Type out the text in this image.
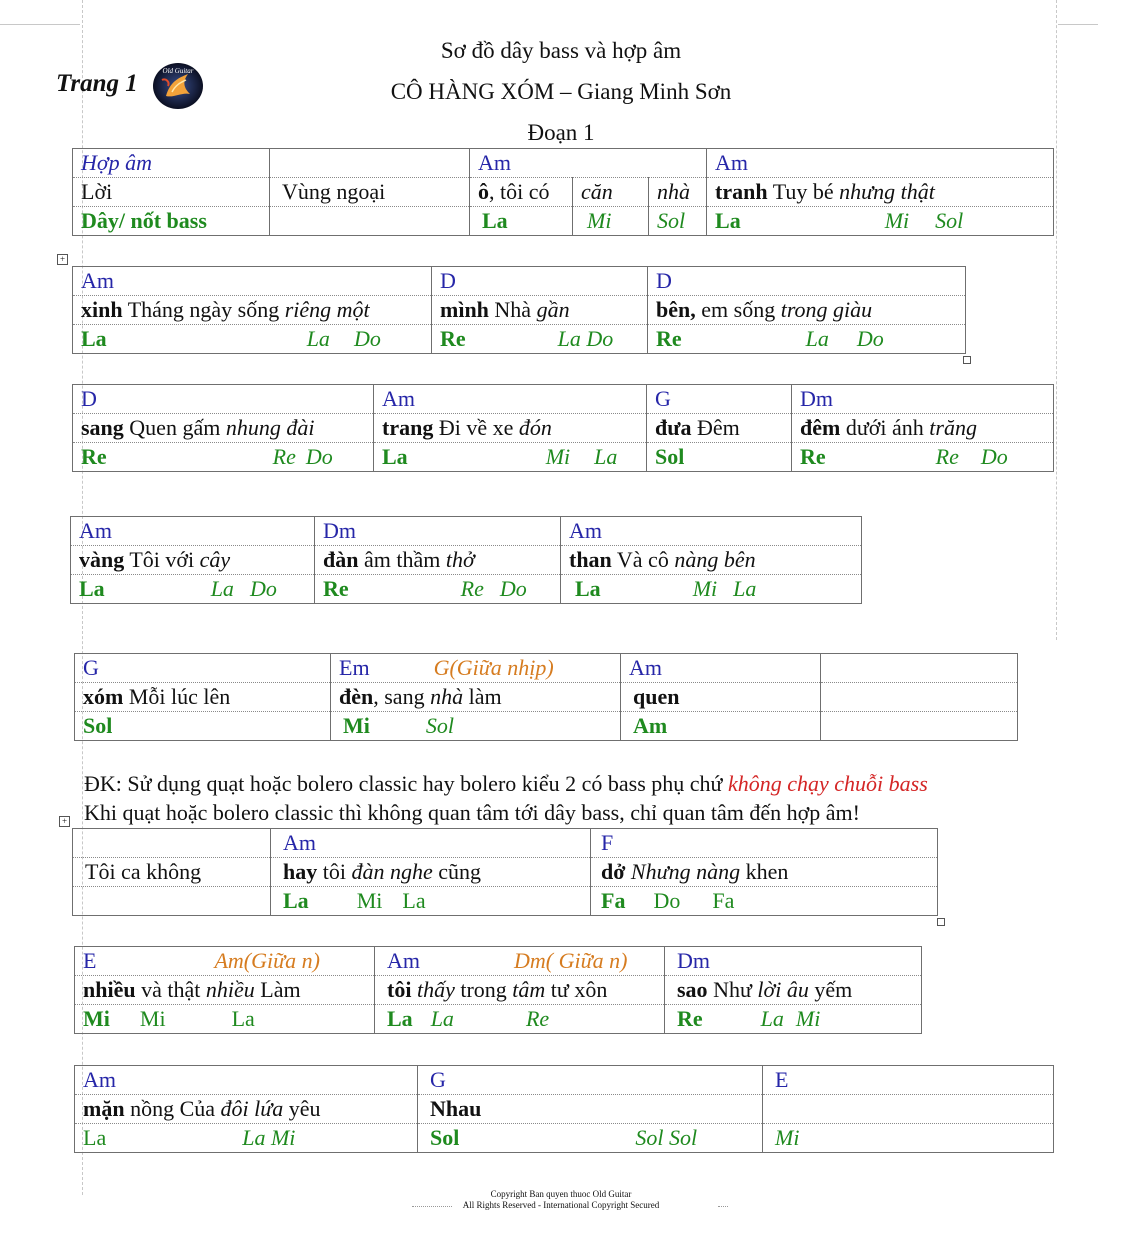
Trang 1	Old Guitar
Sơ đồ dây bass và hợp âm
CÔ HÀNG XÓM – Giang Minh Sơn
Đoạn 1
Hợp âm		Am			Am
Lời	Vùng ngoại	ô, tôi có	căn	nhà	tranh Tuy bé nhưng thật
Dây/ nốt bass		La	Mi	Sol	La Mi Sol
+
Am	D	D
xinh Tháng ngày sống riêng một	mình Nhà gần	bên, em sống trong giàu
La La Do	Re La Do	Re La Do
D	Am	G	Dm
sang Quen gấm nhung đài	trang Đi về xe đón	đưa Đêm	đêm dưới ánh trăng
Re Re Do	La Mi La	Sol	Re Re Do
Am	Dm	Am
vàng Tôi với cây	đàn âm thầm thở	than Và cô nàng bên
La La Do	Re Re Do	La Mi La
G	Em G(Giữa nhịp)	Am	
xóm Mỗi lúc lên	đèn, sang nhà làm	quen	
Sol	Mi Sol	Am	
ĐK: Sử dụng quạt hoặc bolero classic hay bolero kiểu 2 có bass phụ chứ không chạy chuỗi bass
Khi quạt hoặc bolero classic thì không quan tâm tới dây bass, chỉ quan tâm đến hợp âm!
+
	Am	F
Tôi ca không	hay tôi đàn nghe cũng	dở Nhưng nàng khen
	La Mi La	Fa Do Fa
E Am(Giữa n)	Am Dm( Giữa n)	Dm
nhiều và thật nhiều Làm	tôi thấy trong tâm tư xôn	sao Như lời âu yếm
Mi Mi La	La La Re	Re La Mi
Am	G	E
mặn nồng Của đôi lứa yêu	Nhau	
La La Mi	Sol Sol Sol	Mi
Copyright Ban quyen thuoc Old Guitar
All Rights Reserved - International Copyright Secured
